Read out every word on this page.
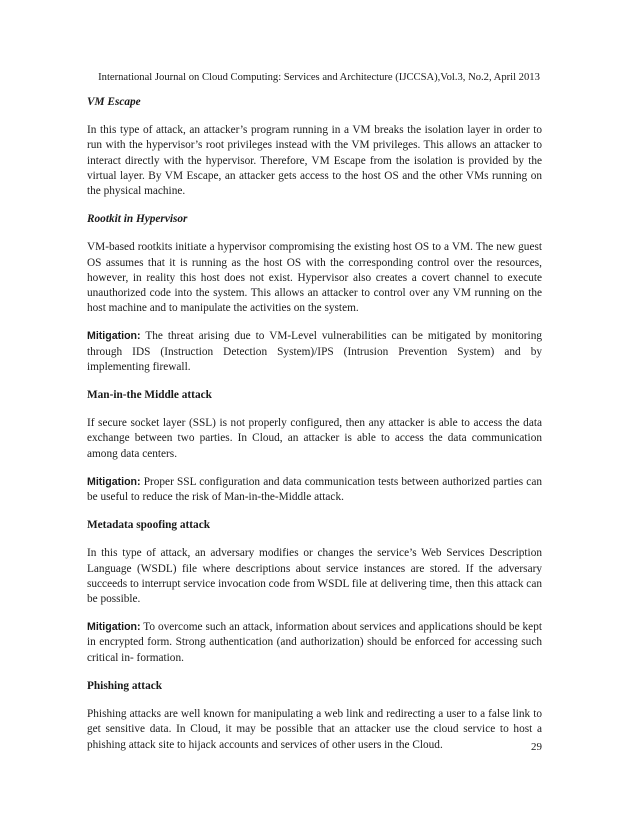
International Journal on Cloud Computing: Services and Architecture (IJCCSA),Vol.3, No.2, April 2013

VM Escape

In this type of attack, an attacker’s program running in a VM breaks the isolation layer in order to run with the hypervisor’s root privileges instead with the VM privileges. This allows an attacker to interact directly with the hypervisor. Therefore, VM Escape from the isolation is provided by the virtual layer. By VM Escape, an attacker gets access to the host OS and the other VMs running on the physical machine.

Rootkit in Hypervisor

VM-based rootkits initiate a hypervisor compromising the existing host OS to a VM. The new guest OS assumes that it is running as the host OS with the corresponding control over the resources, however, in reality this host does not exist. Hypervisor also creates a covert channel to execute unauthorized code into the system. This allows an attacker to control over any VM running on the host machine and to manipulate the activities on the system.

Mitigation: The threat arising due to VM-Level vulnerabilities can be mitigated by monitoring through IDS (Instruction Detection System)/IPS (Intrusion Prevention System) and by implementing firewall.

Man-in-the Middle attack

If secure socket layer (SSL) is not properly configured, then any attacker is able to access the data exchange between two parties. In Cloud, an attacker is able to access the data communication among data centers.

Mitigation: Proper SSL configuration and data communication tests between authorized parties can be useful to reduce the risk of Man-in-the-Middle attack.

Metadata spoofing attack

In this type of attack, an adversary modifies or changes the service’s Web Services Description Language (WSDL) file where descriptions about service instances are stored. If the adversary succeeds to interrupt service invocation code from WSDL file at delivering time, then this attack can be possible.

Mitigation: To overcome such an attack, information about services and applications should be kept in encrypted form. Strong authentication (and authorization) should be enforced for accessing such critical in- formation.

Phishing attack

Phishing attacks are well known for manipulating a web link and redirecting a user to a false link to get sensitive data. In Cloud, it may be possible that an attacker use the cloud service to host a phishing attack site to hijack accounts and services of other users in the Cloud.	29
